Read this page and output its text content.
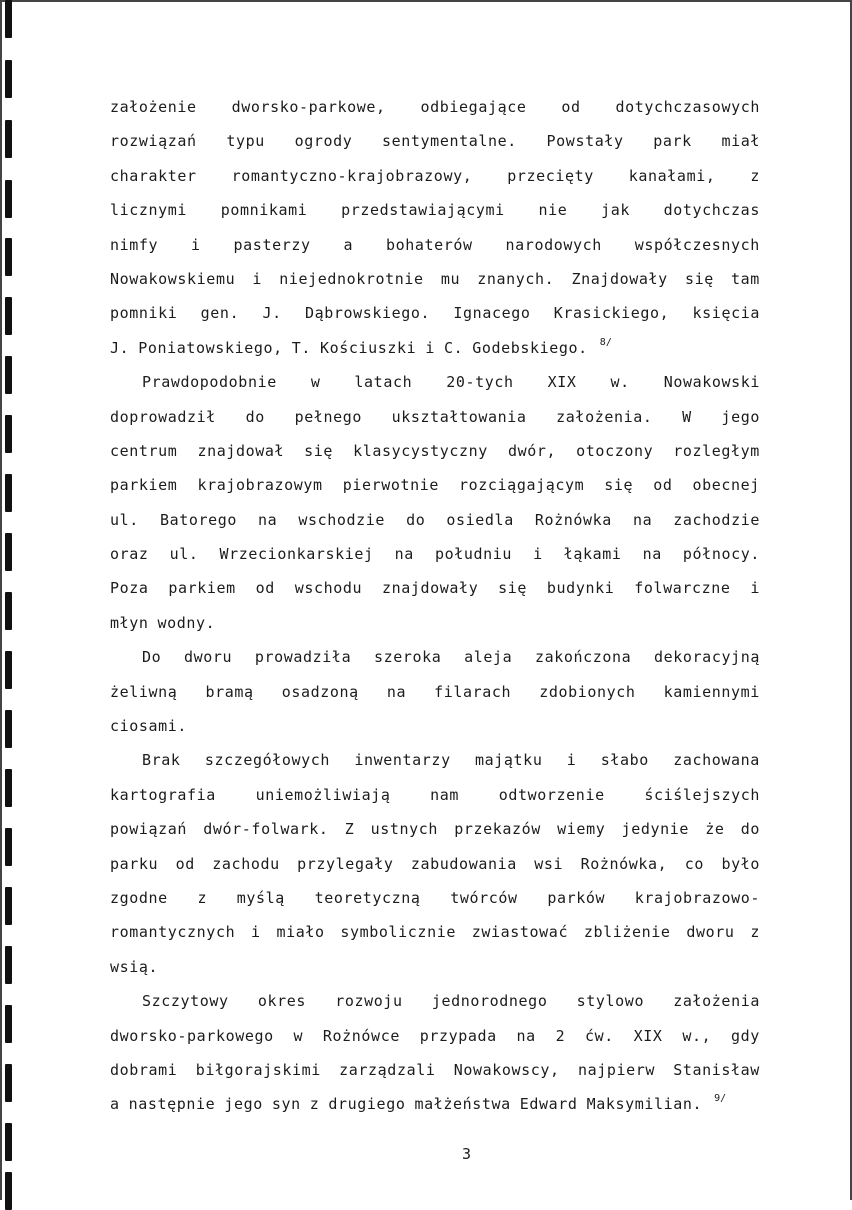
założenie dworsko-parkowe, odbiegające od dotychczasowych
rozwiązań typu ogrody sentymentalne. Powstały park miał
charakter romantyczno-krajobrazowy, przecięty kanałami, z
licznymi pomnikami przedstawiającymi nie jak dotychczas
nimfy i pasterzy a bohaterów narodowych współczesnych
Nowakowskiemu i niejednokrotnie mu znanych. Znajdowały się tam
pomniki gen. J. Dąbrowskiego. Ignacego Krasickiego, księcia
J. Poniatowskiego, T. Kościuszki i C. Godebskiego. $^{8/}$
Prawdopodobnie w latach 20-tych XIX w. Nowakowski
doprowadził do pełnego ukształtowania założenia. W jego
centrum znajdował się klasycystyczny dwór, otoczony rozległym
parkiem krajobrazowym pierwotnie rozciągającym się od obecnej
ul. Batorego na wschodzie do osiedla Rożnówka na zachodzie
oraz ul. Wrzecionkarskiej na południu i łąkami na północy.
Poza parkiem od wschodu znajdowały się budynki folwarczne i
młyn wodny.
Do dworu prowadziła szeroka aleja zakończona dekoracyjną
żeliwną bramą osadzoną na filarach zdobionych kamiennymi
ciosami.
Brak szczegółowych inwentarzy majątku i słabo zachowana
kartografia	uniemożliwiają	nam	odtworzenie	ściślejszych
powiązań dwór-folwark. Z ustnych przekazów wiemy jedynie że do
parku od zachodu przylegały zabudowania wsi Rożnówka, co było
zgodne z myślą teoretyczną twórców parków krajobrazowo-
romantycznych i miało symbolicznie zwiastować zbliżenie dworu z
wsią.
Szczytowy okres rozwoju jednorodnego stylowo założenia
dworsko-parkowego w Rożnówce przypada na 2 ćw. XIX w., gdy
dobrami biłgorajskimi zarządzali Nowakowscy, najpierw Stanisław
a następnie jego syn z drugiego małżeństwa Edward Maksymilian. $^{9/}$
3
